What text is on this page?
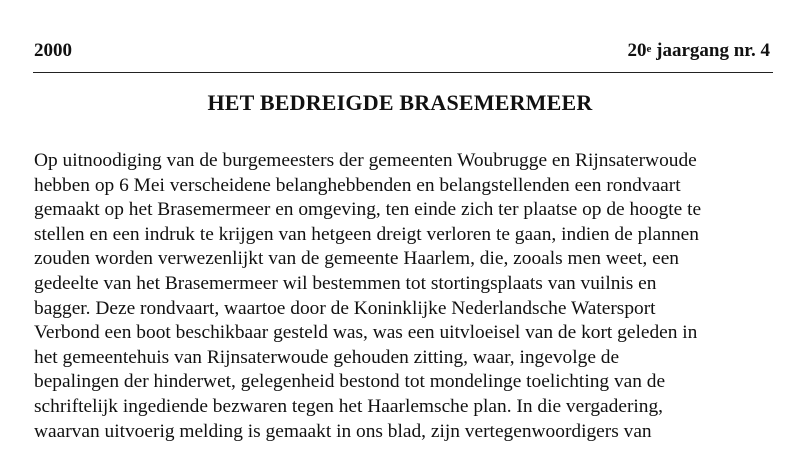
2000	20e jaargang nr. 4
HET BEDREIGDE BRASEMERMEER
Op uitnoodiging van de burgemeesters der gemeenten Woubrugge en Rijnsaterwoude
hebben op 6 Mei verscheidene belanghebbenden en belangstellenden een rondvaart
gemaakt op het Brasemermeer en omgeving, ten einde zich ter plaatse op de hoogte te
stellen en een indruk te krijgen van hetgeen dreigt verloren te gaan, indien de plannen
zouden worden verwezenlijkt van de gemeente Haarlem, die, zooals men weet, een
gedeelte van het Brasemermeer wil bestemmen tot stortingsplaats van vuilnis en
bagger. Deze rondvaart, waartoe door de Koninklijke Nederlandsche Watersport
Verbond een boot beschikbaar gesteld was, was een uitvloeisel van de kort geleden in
het gemeentehuis van Rijnsaterwoude gehouden zitting, waar, ingevolge de
bepalingen der hinderwet, gelegenheid bestond tot mondelinge toelichting van de
schriftelijk ingediende bezwaren tegen het Haarlemsche plan. In die vergadering,
waarvan uitvoerig melding is gemaakt in ons blad, zijn vertegenwoordigers van
